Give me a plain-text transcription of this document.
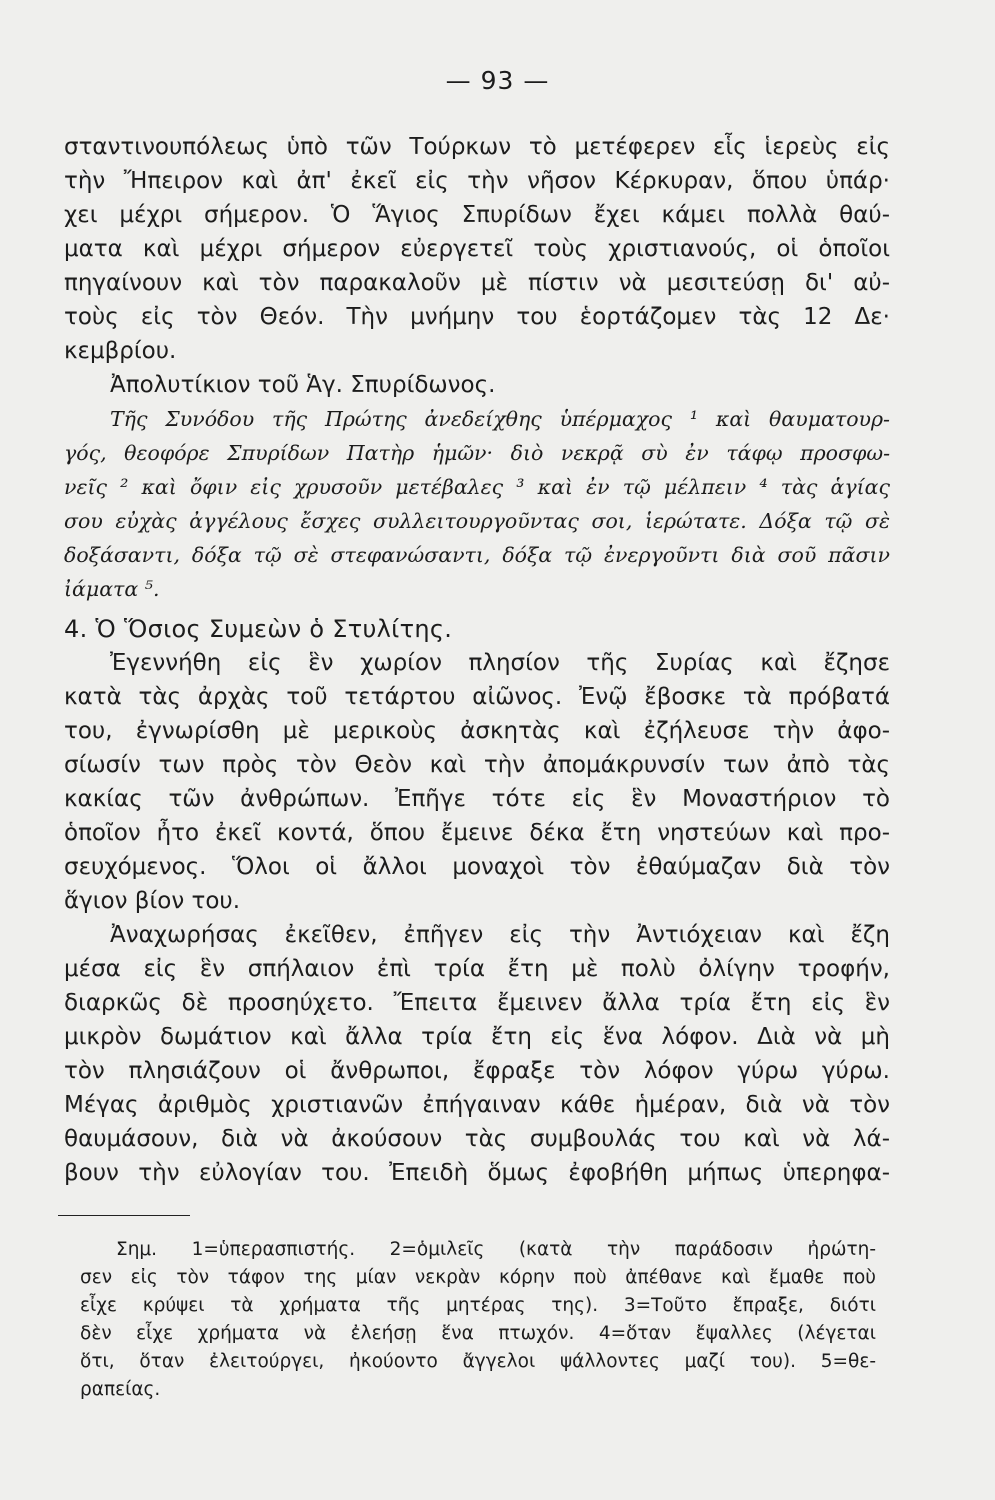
— 93 —
σταντινουπόλεως ὑπὸ τῶν Τούρκων τὸ μετέφερεν εἷς ἱερεὺς εἰς
τὴν Ἤπειρον καὶ ἀπ' ἐκεῖ εἰς τὴν νῆσον Κέρκυραν, ὅπου ὑπάρ·
χει μέχρι σήμερον. Ὁ Ἅγιος Σπυρίδων ἔχει κάμει πολλὰ θαύ-
ματα καὶ μέχρι σήμερον εὐεργετεῖ τοὺς χριστιανούς, οἱ ὁποῖοι
πηγαίνουν καὶ τὸν παρακαλοῦν μὲ πίστιν νὰ μεσιτεύσῃ δι' αὐ-
τοὺς εἰς τὸν Θεόν. Τὴν μνήμην του ἑορτάζομεν τὰς 12 Δε·
κεμβρίου.
Ἀπολυτίκιον τοῦ Ἁγ. Σπυρίδωνος.
Τῆς Συνόδου τῆς Πρώτης ἀνεδείχθης ὑπέρμαχος ¹ καὶ θαυματουρ-
γός, θεοφόρε Σπυρίδων Πατὴρ ἡμῶν· διὸ νεκρᾷ σὺ ἐν τάφῳ προσφω-
νεῖς ² καὶ ὄφιν εἰς χρυσοῦν μετέβαλες ³ καὶ ἐν τῷ μέλπειν ⁴ τὰς ἁγίας
σου εὐχὰς ἀγγέλους ἔσχες συλλειτουργοῦντας σοι, ἱερώτατε. Δόξα τῷ σὲ
δοξάσαντι, δόξα τῷ σὲ στεφανώσαντι, δόξα τῷ ἐνεργοῦντι διὰ σοῦ πᾶσιν
ἰάματα ⁵.
4. Ὁ Ὅσιος Συμεὼν ὁ Στυλίτης.
Ἐγεννήθη εἰς ἓν χωρίον πλησίον τῆς Συρίας καὶ ἔζησε
κατὰ τὰς ἀρχὰς τοῦ τετάρτου αἰῶνος. Ἐνῷ ἔβοσκε τὰ πρόβατά
του, ἐγνωρίσθη μὲ μερικοὺς ἀσκητὰς καὶ ἐζήλευσε τὴν ἀφο-
σίωσίν των πρὸς τὸν Θεὸν καὶ τὴν ἀπομάκρυνσίν των ἀπὸ τὰς
κακίας τῶν ἀνθρώπων. Ἐπῆγε τότε εἰς ἓν Μοναστήριον τὸ
ὁποῖον ἦτο ἐκεῖ κοντά, ὅπου ἔμεινε δέκα ἔτη νηστεύων καὶ προ-
σευχόμενος. Ὅλοι οἱ ἄλλοι μοναχοὶ τὸν ἐθαύμαζαν διὰ τὸν
ἅγιον βίον του.
Ἀναχωρήσας ἐκεῖθεν, ἐπῆγεν εἰς τὴν Ἀντιόχειαν καὶ ἔζη
μέσα εἰς ἓν σπήλαιον ἐπὶ τρία ἔτη μὲ πολὺ ὀλίγην τροφήν,
διαρκῶς δὲ προσηύχετο. Ἔπειτα ἔμεινεν ἄλλα τρία ἔτη εἰς ἓν
μικρὸν δωμάτιον καὶ ἄλλα τρία ἔτη εἰς ἕνα λόφον. Διὰ νὰ μὴ
τὸν πλησιάζουν οἱ ἄνθρωποι, ἔφραξε τὸν λόφον γύρω γύρω.
Μέγας ἀριθμὸς χριστιανῶν ἐπήγαιναν κάθε ἡμέραν, διὰ νὰ τὸν
θαυμάσουν, διὰ νὰ ἀκούσουν τὰς συμβουλάς του καὶ νὰ λά-
βουν τὴν εὐλογίαν του. Ἐπειδὴ ὅμως ἐφοβήθη μήπως ὑπερηφα-
Σημ. 1=ὑπερασπιστής. 2=ὁμιλεῖς (κατὰ τὴν παράδοσιν ἠρώτη-
σεν εἰς τὸν τάφον της μίαν νεκρὰν κόρην ποὺ ἀπέθανε καὶ ἔμαθε ποὺ
εἶχε κρύψει τὰ χρήματα τῆς μητέρας της). 3=Τοῦτο ἔπραξε, διότι
δὲν εἶχε χρήματα νὰ ἐλεήσῃ ἕνα πτωχόν. 4=ὅταν ἔψαλλες (λέγεται
ὅτι, ὅταν ἐλειτούργει, ἠκούοντο ἄγγελοι ψάλλοντες μαζί του). 5=θε-
ραπείας.
